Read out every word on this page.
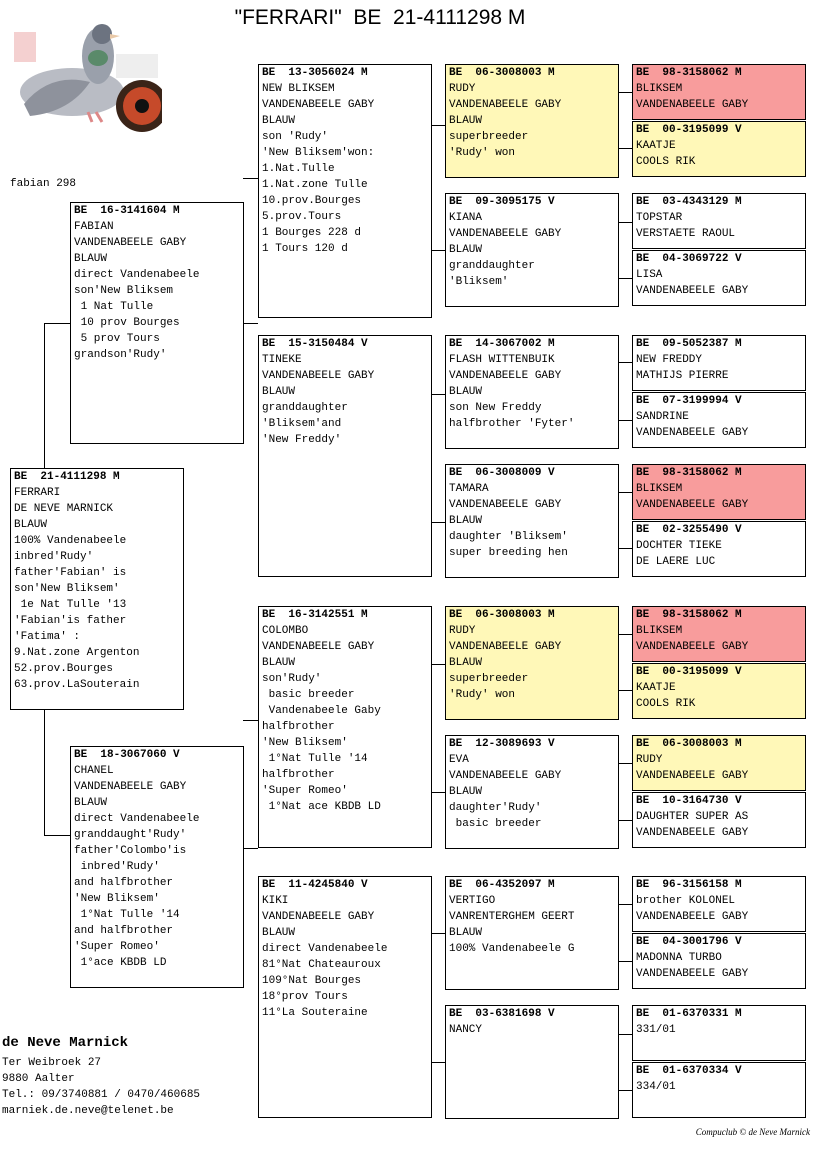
"FERRARI"  BE  21-4111298 M
fabian 298
BE  21-4111298 M
FERRARI
DE NEVE MARNICK
BLAUW
100% Vandenabeele
inbred'Rudy'
father'Fabian' is
son'New Bliksem'
1e Nat Tulle '13
'Fabian'is father
'Fatima' :
9.Nat.zone Argenton
52.prov.Bourges
63.prov.LaSouterain
BE  16-3141604 M
FABIAN
VANDENABEELE GABY
BLAUW
direct Vandenabeele
son'New Bliksem
1 Nat Tulle
10 prov Bourges
5 prov Tours
grandson'Rudy'
BE  18-3067060 V
CHANEL
VANDENABEELE GABY
BLAUW
direct Vandenabeele
granddaught'Rudy'
father'Colombo'is
inbred'Rudy'
and halfbrother
'New Bliksem'
1°Nat Tulle '14
and halfbrother
'Super Romeo'
1°ace KBDB LD
BE  13-3056024 M
NEW BLIKSEM
VANDENABEELE GABY
BLAUW
son 'Rudy'
'New Bliksem'won:
1.Nat.Tulle
1.Nat.zone Tulle
10.prov.Bourges
5.prov.Tours
1 Bourges 228 d
1 Tours 120 d
BE  15-3150484 V
TINEKE
VANDENABEELE GABY
BLAUW
granddaughter
'Bliksem'and
'New Freddy'
BE  16-3142551 M
COLOMBO
VANDENABEELE GABY
BLAUW
son'Rudy'
basic breeder
Vandenabeele Gaby
halfbrother
'New Bliksem'
1°Nat Tulle '14
halfbrother
'Super Romeo'
1°Nat ace KBDB LD
BE  11-4245840 V
KIKI
VANDENABEELE GABY
BLAUW
direct Vandenabeele
81°Nat Chateauroux
109°Nat Bourges
18°prov Tours
11°La Souteraine
BE  06-3008003 M
RUDY
VANDENABEELE GABY
BLAUW
superbreeder
'Rudy' won
BE  09-3095175 V
KIANA
VANDENABEELE GABY
BLAUW
granddaughter
'Bliksem'
BE  14-3067002 M
FLASH WITTENBUIK
VANDENABEELE GABY
BLAUW
son New Freddy
halfbrother 'Fyter'
BE  06-3008009 V
TAMARA
VANDENABEELE GABY
BLAUW
daughter 'Bliksem'
super breeding hen
BE  06-3008003 M
RUDY
VANDENABEELE GABY
BLAUW
superbreeder
'Rudy' won
BE  12-3089693 V
EVA
VANDENABEELE GABY
BLAUW
daughter'Rudy'
basic breeder
BE  06-4352097 M
VERTIGO
VANRENTERGHEM GEERT
BLAUW
100% Vandenabeele G
BE  03-6381698 V
NANCY
BE  98-3158062 M
BLIKSEM
VANDENABEELE GABY
BE  00-3195099 V
KAATJE
COOLS RIK
BE  03-4343129 M
TOPSTAR
VERSTAETE RAOUL
BE  04-3069722 V
LISA
VANDENABEELE GABY
BE  09-5052387 M
NEW FREDDY
MATHIJS PIERRE
BE  07-3199994 V
SANDRINE
VANDENABEELE GABY
BE  98-3158062 M
BLIKSEM
VANDENABEELE GABY
BE  02-3255490 V
DOCHTER TIEKE
DE LAERE LUC
BE  98-3158062 M
BLIKSEM
VANDENABEELE GABY
BE  00-3195099 V
KAATJE
COOLS RIK
BE  06-3008003 M
RUDY
VANDENABEELE GABY
BE  10-3164730 V
DAUGHTER SUPER AS
VANDENABEELE GABY
BE  96-3156158 M
brother KOLONEL
VANDENABEELE GABY
BE  04-3001796 V
MADONNA TURBO
VANDENABEELE GABY
BE  01-6370331 M
331/01
BE  01-6370334 V
334/01
de Neve Marnick
Ter Weibroek 27
9880 Aalter
Tel.: 09/3740881 / 0470/460685
marniek.de.neve@telenet.be
Compuclub © de Neve Marnick
